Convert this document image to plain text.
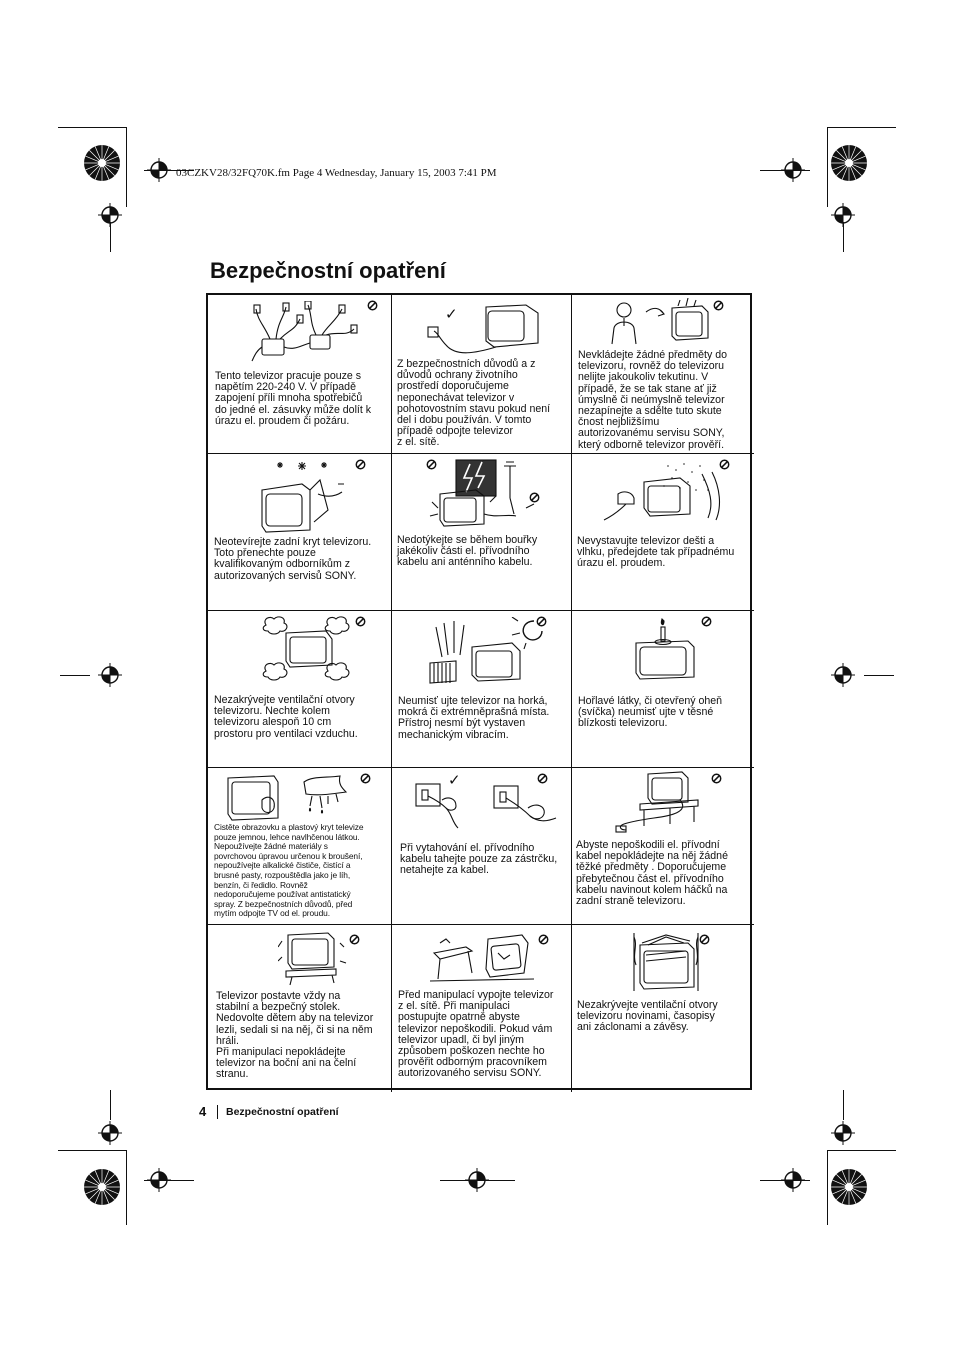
03CZKV28/32FQ70K.fm Page 4 Wednesday, January 15, 2003 7:41 PM
Bezpečnostní opatření

Tento televizor pracuje pouze s
napětím 220-240 V. V případě
zapojení příli mnoha spotřebičů
do jedné el. zásuvky může dolít k
úrazu el. proudem či požáru.

✓

Z bezpečnostních důvodů a z
důvodů ochrany životního
prostředí doporučujeme
neponechávat televizor v
pohotovostním stavu pokud není
del i dobu používán. V tomto
případě odpojte televizor
z el. sítě.

Nevkládejte žádné předměty do
televizoru, rovněž do televizoru
nelijte jakoukoliv tekutinu. V
případě, že se tak stane ať již
úmyslně či neúmyslně televizor
nezapínejte a sdělte tuto skute
čnost nejbližšímu
autorizovanému servisu SONY,
který odborně televizor prověří.

Neotevírejte zadní kryt televizoru.
Toto přenechte pouze
kvalifikovaným odborníkům z
autorizovaných servisů SONY.

Nedotýkejte se během bouřky
jakékoliv části el. přívodního
kabelu ani anténního kabelu.

Nevystavujte televizor dešti a
vlhku, předejdete tak případnému
úrazu el. proudem.

Nezakrývejte ventilační otvory
televizoru. Nechte kolem
televizoru alespoň 10 cm
prostoru pro ventilaci vzduchu.

Neumisť ujte televizor na horká,
mokrá či extrémněprašná místa.
Přístroj nesmí být vystaven
mechanickým vibracím.

Hořlavé látky, či otevřený oheň
(svíčka) neumisť ujte v těsné
blízkosti televizoru.

Cistěte obrazovku a plastový kryt televize
pouze jemnou, lehce navlhčenou látkou.
Nepoužívejte žádné materiály s
povrchovou úpravou určenou k broušení,
nepoužívejte alkalické čističe, čistící a
brusné pasty, rozpouštědla jako je líh,
benzín, či ředidlo. Rovněž
nedoporučujeme používat antistatický
spray. Z bezpečnostních důvodů, před
mytím odpojte TV od el. proudu.

✓

Při vytahování el. přívodního
kabelu tahejte pouze za zástrčku,
netahejte za kabel.

Abyste nepoškodili el. přívodní
kabel nepokládejte na něj žádné
těžké předměty . Doporučujeme
přebytečnou část el. přívodního
kabelu navinout kolem háčků na
zadní straně televizoru.

Televizor postavte vždy na
stabilní a bezpečný stolek.
Nedovolte dětem aby na televizor
lezli, sedali si na něj, či si na něm
hráli.
Při manipulaci nepokládejte
televizor na boční ani na čelní
stranu.

Před manipulací vypojte televizor
z el. sítě. Při manipulaci
postupujte opatrně abyste
televizor nepoškodili. Pokud vám
televizor upadl, či byl jiným
způsobem poškozen nechte ho
prověřit odborným pracovníkem
autorizovaného servisu SONY.

Nezakrývejte ventilační otvory
televizoru novinami, časopisy
ani záclonami a závěsy.

4 Bezpečnostní opatření
